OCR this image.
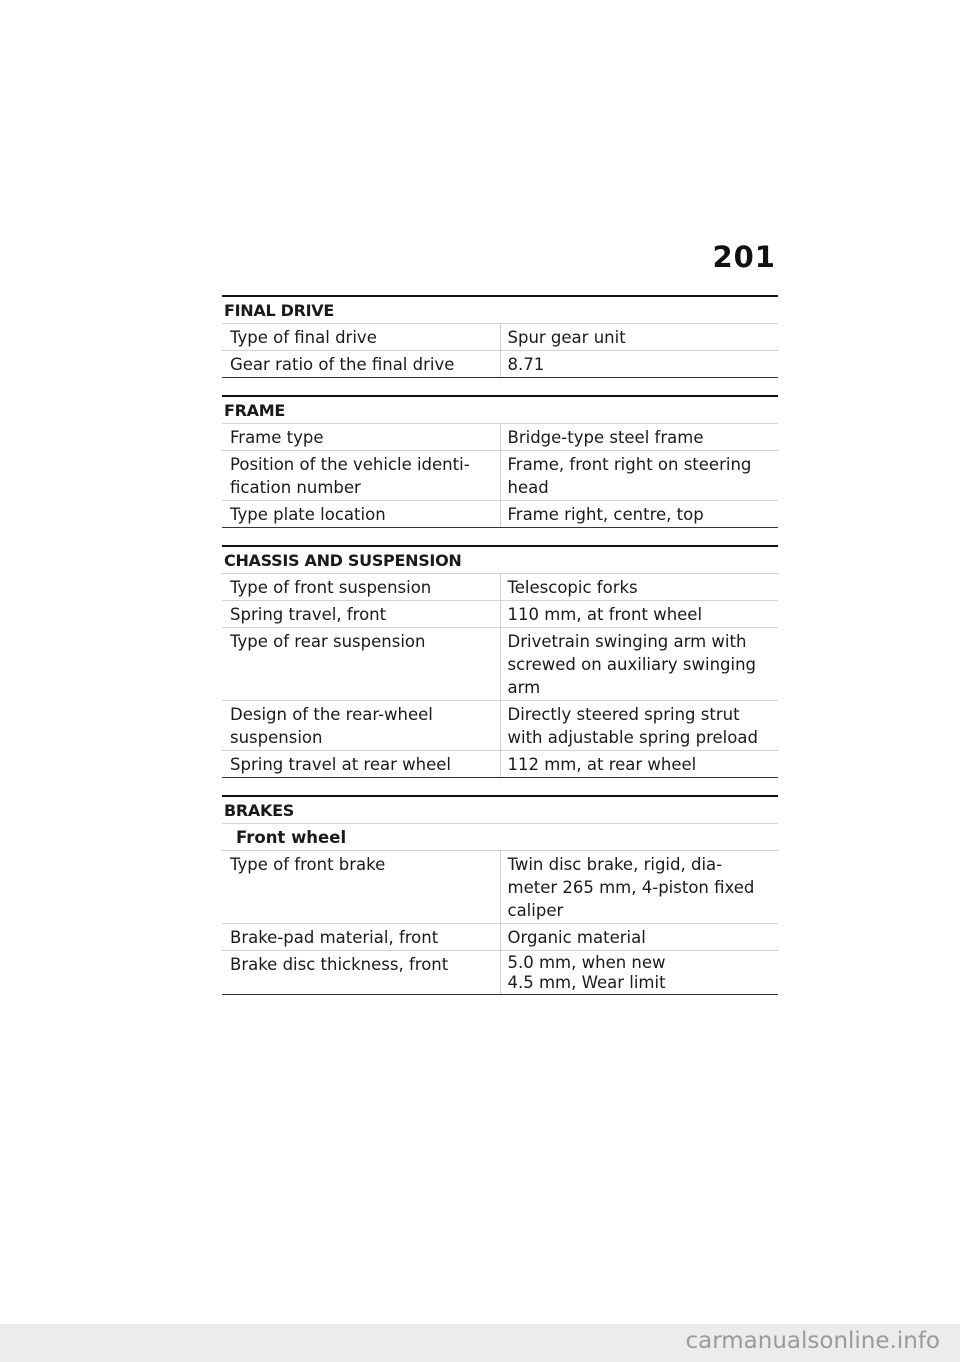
201
FINAL DRIVE
Type of final drive	Spur gear unit
Gear ratio of the final drive	8.71
FRAME
Frame type	Bridge-type steel frame

Position of the vehicle identi-
fication number	Frame, front right on steering
head

Type plate location	Frame right, centre, top
CHASSIS AND SUSPENSION
Type of front suspension	Telescopic forks
Spring travel, front	110 mm, at front wheel
Type of rear suspension	Drivetrain swinging arm with
screwed on auxiliary swinging
arm

Design of the rear-wheel
suspension	Directly steered spring strut
with adjustable spring preload

Spring travel at rear wheel	112 mm, at rear wheel
BRAKES
Front wheel	
Type of front brake	Twin disc brake, rigid, dia-
meter 265 mm, 4-piston fixed
caliper

Brake-pad material, front	Organic material
Brake disc thickness, front	5.0 mm, when new
4.5 mm, Wear limit
carmanualsonline.info
